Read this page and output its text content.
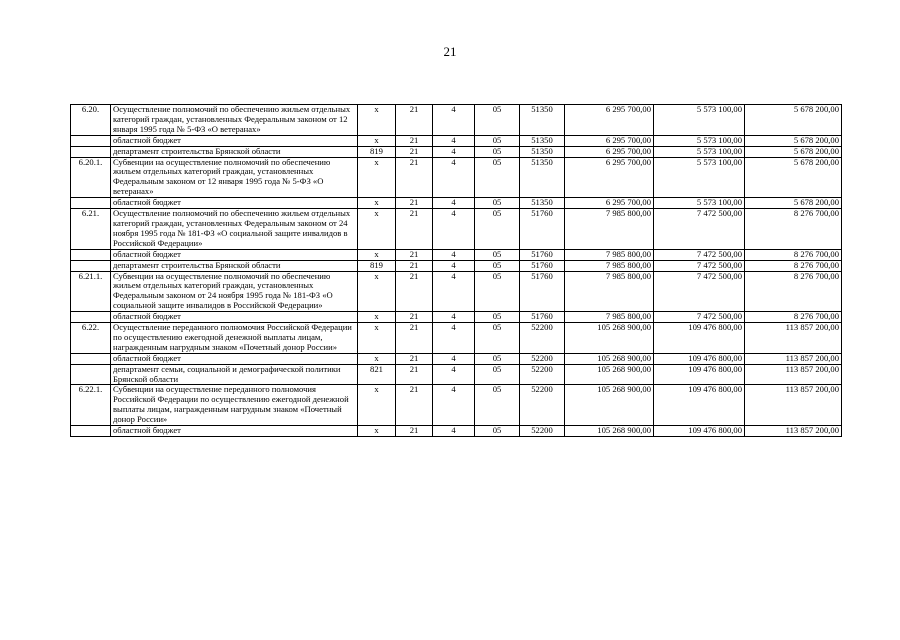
21
6.20.	Осуществление полномочий по обеспечению жильем отдельных категорий граждан, установленных Федеральным законом от 12 января 1995 года № 5-ФЗ «О ветеранах»	х	21	4	05	51350	6 295 700,00	5 573 100,00	5 678 200,00
	областной бюджет	х	21	4	05	51350	6 295 700,00	5 573 100,00	5 678 200,00
	департамент строительства Брянской области	819	21	4	05	51350	6 295 700,00	5 573 100,00	5 678 200,00
6.20.1.	Субвенции на осуществление полномочий по обеспечению жильем отдельных категорий граждан, установленных Федеральным законом от 12 января 1995 года № 5-ФЗ «О ветеранах»	х	21	4	05	51350	6 295 700,00	5 573 100,00	5 678 200,00
	областной бюджет	х	21	4	05	51350	6 295 700,00	5 573 100,00	5 678 200,00
6.21.	Осуществление полномочий по обеспечению жильем отдельных категорий граждан, установленных Федеральным законом от 24 ноября 1995 года № 181-ФЗ «О социальной защите инвалидов в Российской Федерации»	х	21	4	05	51760	7 985 800,00	7 472 500,00	8 276 700,00
	областной бюджет	х	21	4	05	51760	7 985 800,00	7 472 500,00	8 276 700,00
	департамент строительства Брянской области	819	21	4	05	51760	7 985 800,00	7 472 500,00	8 276 700,00
6.21.1.	Субвенции на осуществление полномочий по обеспечению жильем отдельных категорий граждан, установленных Федеральным законом от 24 ноября 1995 года № 181-ФЗ «О социальной защите инвалидов в Российской Федерации»	х	21	4	05	51760	7 985 800,00	7 472 500,00	8 276 700,00
	областной бюджет	х	21	4	05	51760	7 985 800,00	7 472 500,00	8 276 700,00
6.22.	Осуществление переданного полномочия Российской Федерации по осуществлению ежегодной денежной выплаты лицам, награжденным нагрудным знаком «Почетный донор России»	х	21	4	05	52200	105 268 900,00	109 476 800,00	113 857 200,00
	областной бюджет	х	21	4	05	52200	105 268 900,00	109 476 800,00	113 857 200,00
	департамент семьи, социальной и демографической политики Брянской области	821	21	4	05	52200	105 268 900,00	109 476 800,00	113 857 200,00
6.22.1.	Субвенции на осуществление переданного полномочия Российской Федерации по осуществлению ежегодной денежной выплаты лицам, награжденным нагрудным знаком «Почетный донор России»	х	21	4	05	52200	105 268 900,00	109 476 800,00	113 857 200,00
	областной бюджет	х	21	4	05	52200	105 268 900,00	109 476 800,00	113 857 200,00
